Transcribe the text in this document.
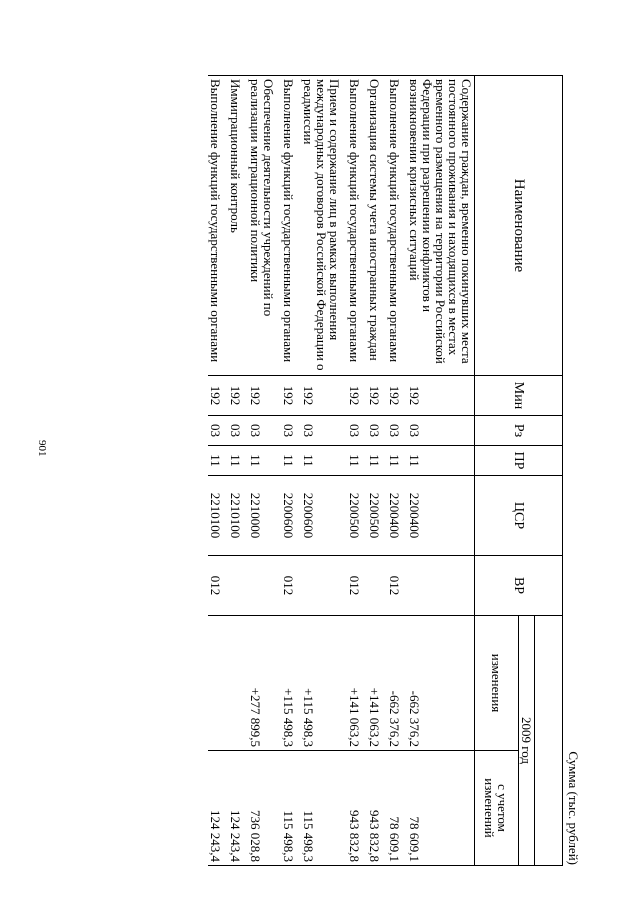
901
Сумма (тыс. рублей)
Наименование	Мин	Рз	ПР	ЦСР	ВР		
						2009 год	
						изменения	с учетом изменений
Содержание граждан, временно покинувших места постоянного проживания и находящихся в местах временного размещения на территории Российской Федерации при разрешении конфликтов и возникновении кризисных ситуаций	192	03	11	2200400		-662 376,2	78 609,1
Выполнение функций государственными органами	192	03	11	2200400	012	-662 376,2	78 609,1
Организация системы учета иностранных граждан	192	03	11	2200500		+141 063,2	943 832,8
Выполнение функций государственными органами	192	03	11	2200500	012	+141 063,2	943 832,8
Прием и содержание лиц в рамках выполнения международных договоров Российской Федерации о реадмиссии	192	03	11	2200600		+115 498,3	115 498,3
Выполнение функций государственными органами	192	03	11	2200600	012	+115 498,3	115 498,3
Обеспечение деятельности учреждений по реализации миграционной политики	192	03	11	2210000		+277 899,5	736 028,8
Иммиграционный контроль	192	03	11	2210100			124 243,4
Выполнение функций государственными органами	192	03	11	2210100	012		124 243,4
